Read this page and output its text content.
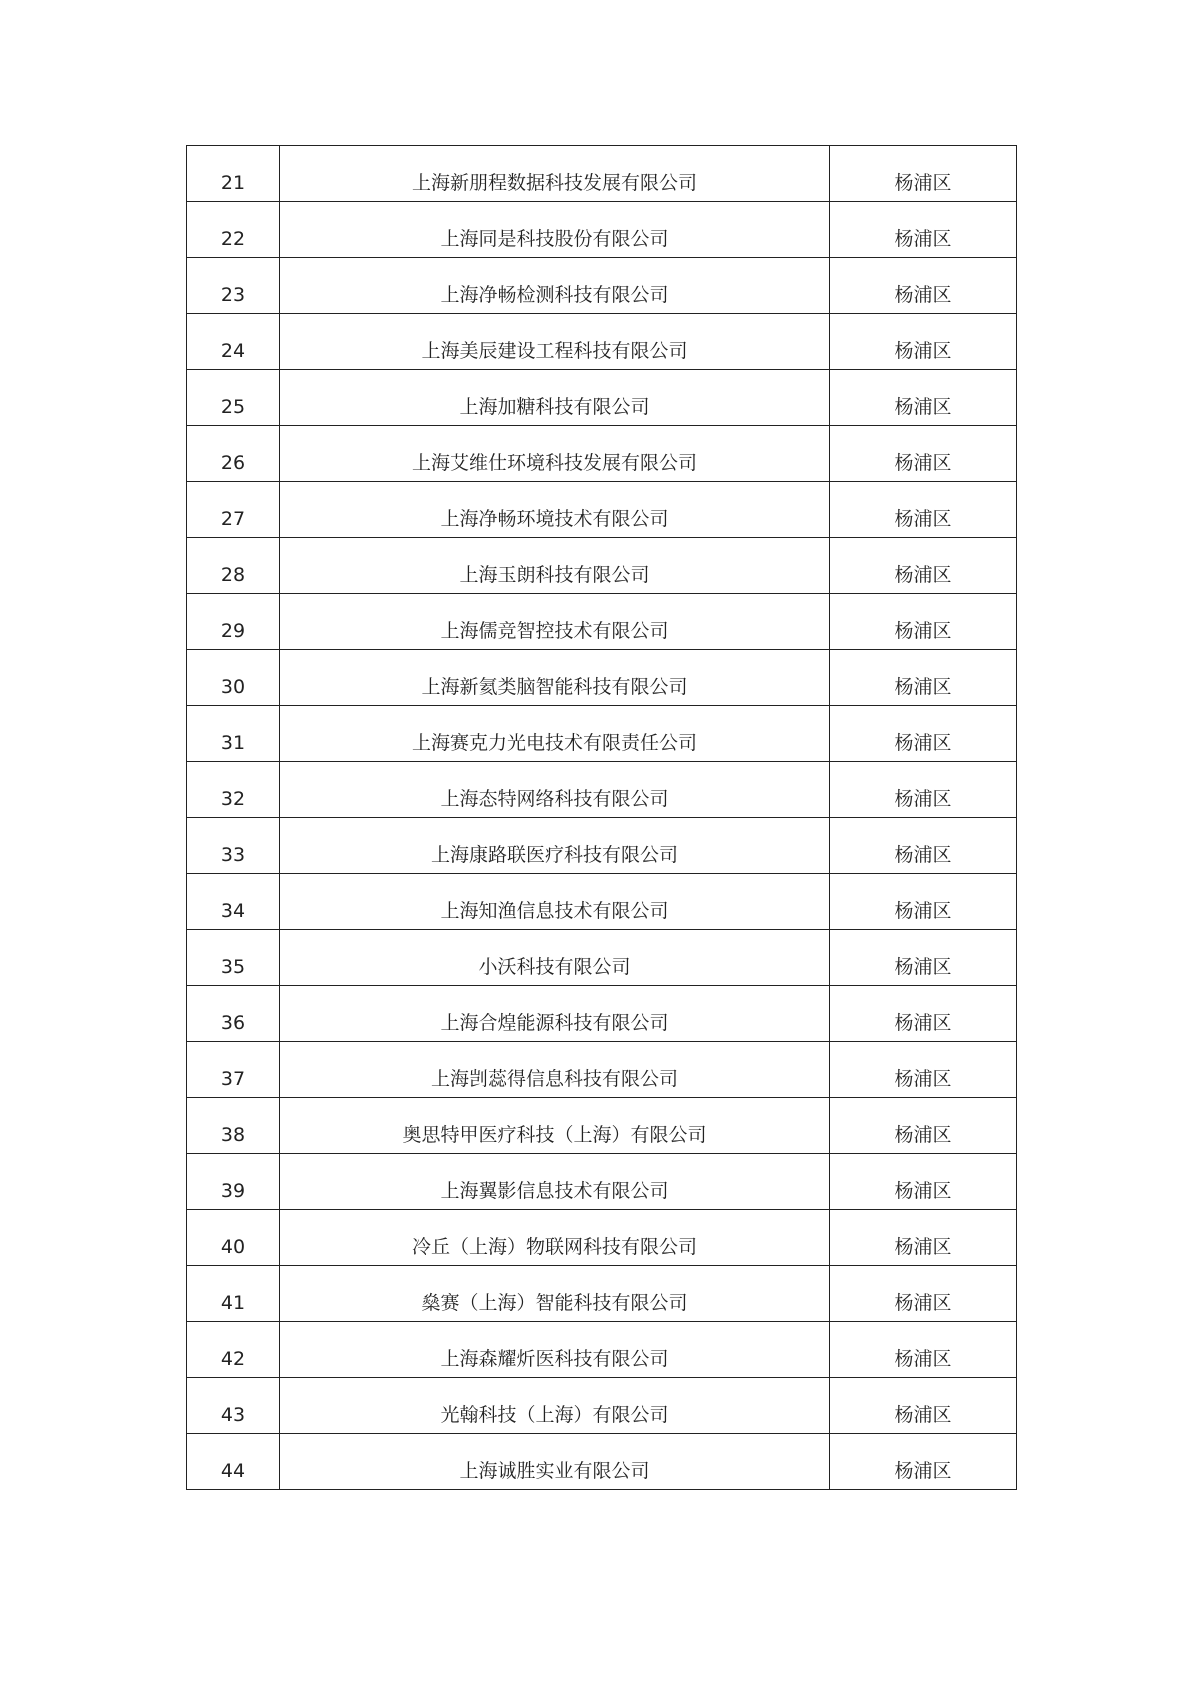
21	上海新朋程数据科技发展有限公司	杨浦区
22	上海同是科技股份有限公司	杨浦区
23	上海净畅检测科技有限公司	杨浦区
24	上海美辰建设工程科技有限公司	杨浦区
25	上海加糖科技有限公司	杨浦区
26	上海艾维仕环境科技发展有限公司	杨浦区
27	上海净畅环境技术有限公司	杨浦区
28	上海玉朗科技有限公司	杨浦区
29	上海儒竞智控技术有限公司	杨浦区
30	上海新氦类脑智能科技有限公司	杨浦区
31	上海赛克力光电技术有限责任公司	杨浦区
32	上海态特网络科技有限公司	杨浦区
33	上海康路联医疗科技有限公司	杨浦区
34	上海知渔信息技术有限公司	杨浦区
35	小沃科技有限公司	杨浦区
36	上海合煌能源科技有限公司	杨浦区
37	上海剀蕊得信息科技有限公司	杨浦区
38	奥思特甲医疗科技（上海）有限公司	杨浦区
39	上海翼影信息技术有限公司	杨浦区
40	冷丘（上海）物联网科技有限公司	杨浦区
41	燊赛（上海）智能科技有限公司	杨浦区
42	上海森耀炘医科技有限公司	杨浦区
43	光翰科技（上海）有限公司	杨浦区
44	上海诚胜实业有限公司	杨浦区
